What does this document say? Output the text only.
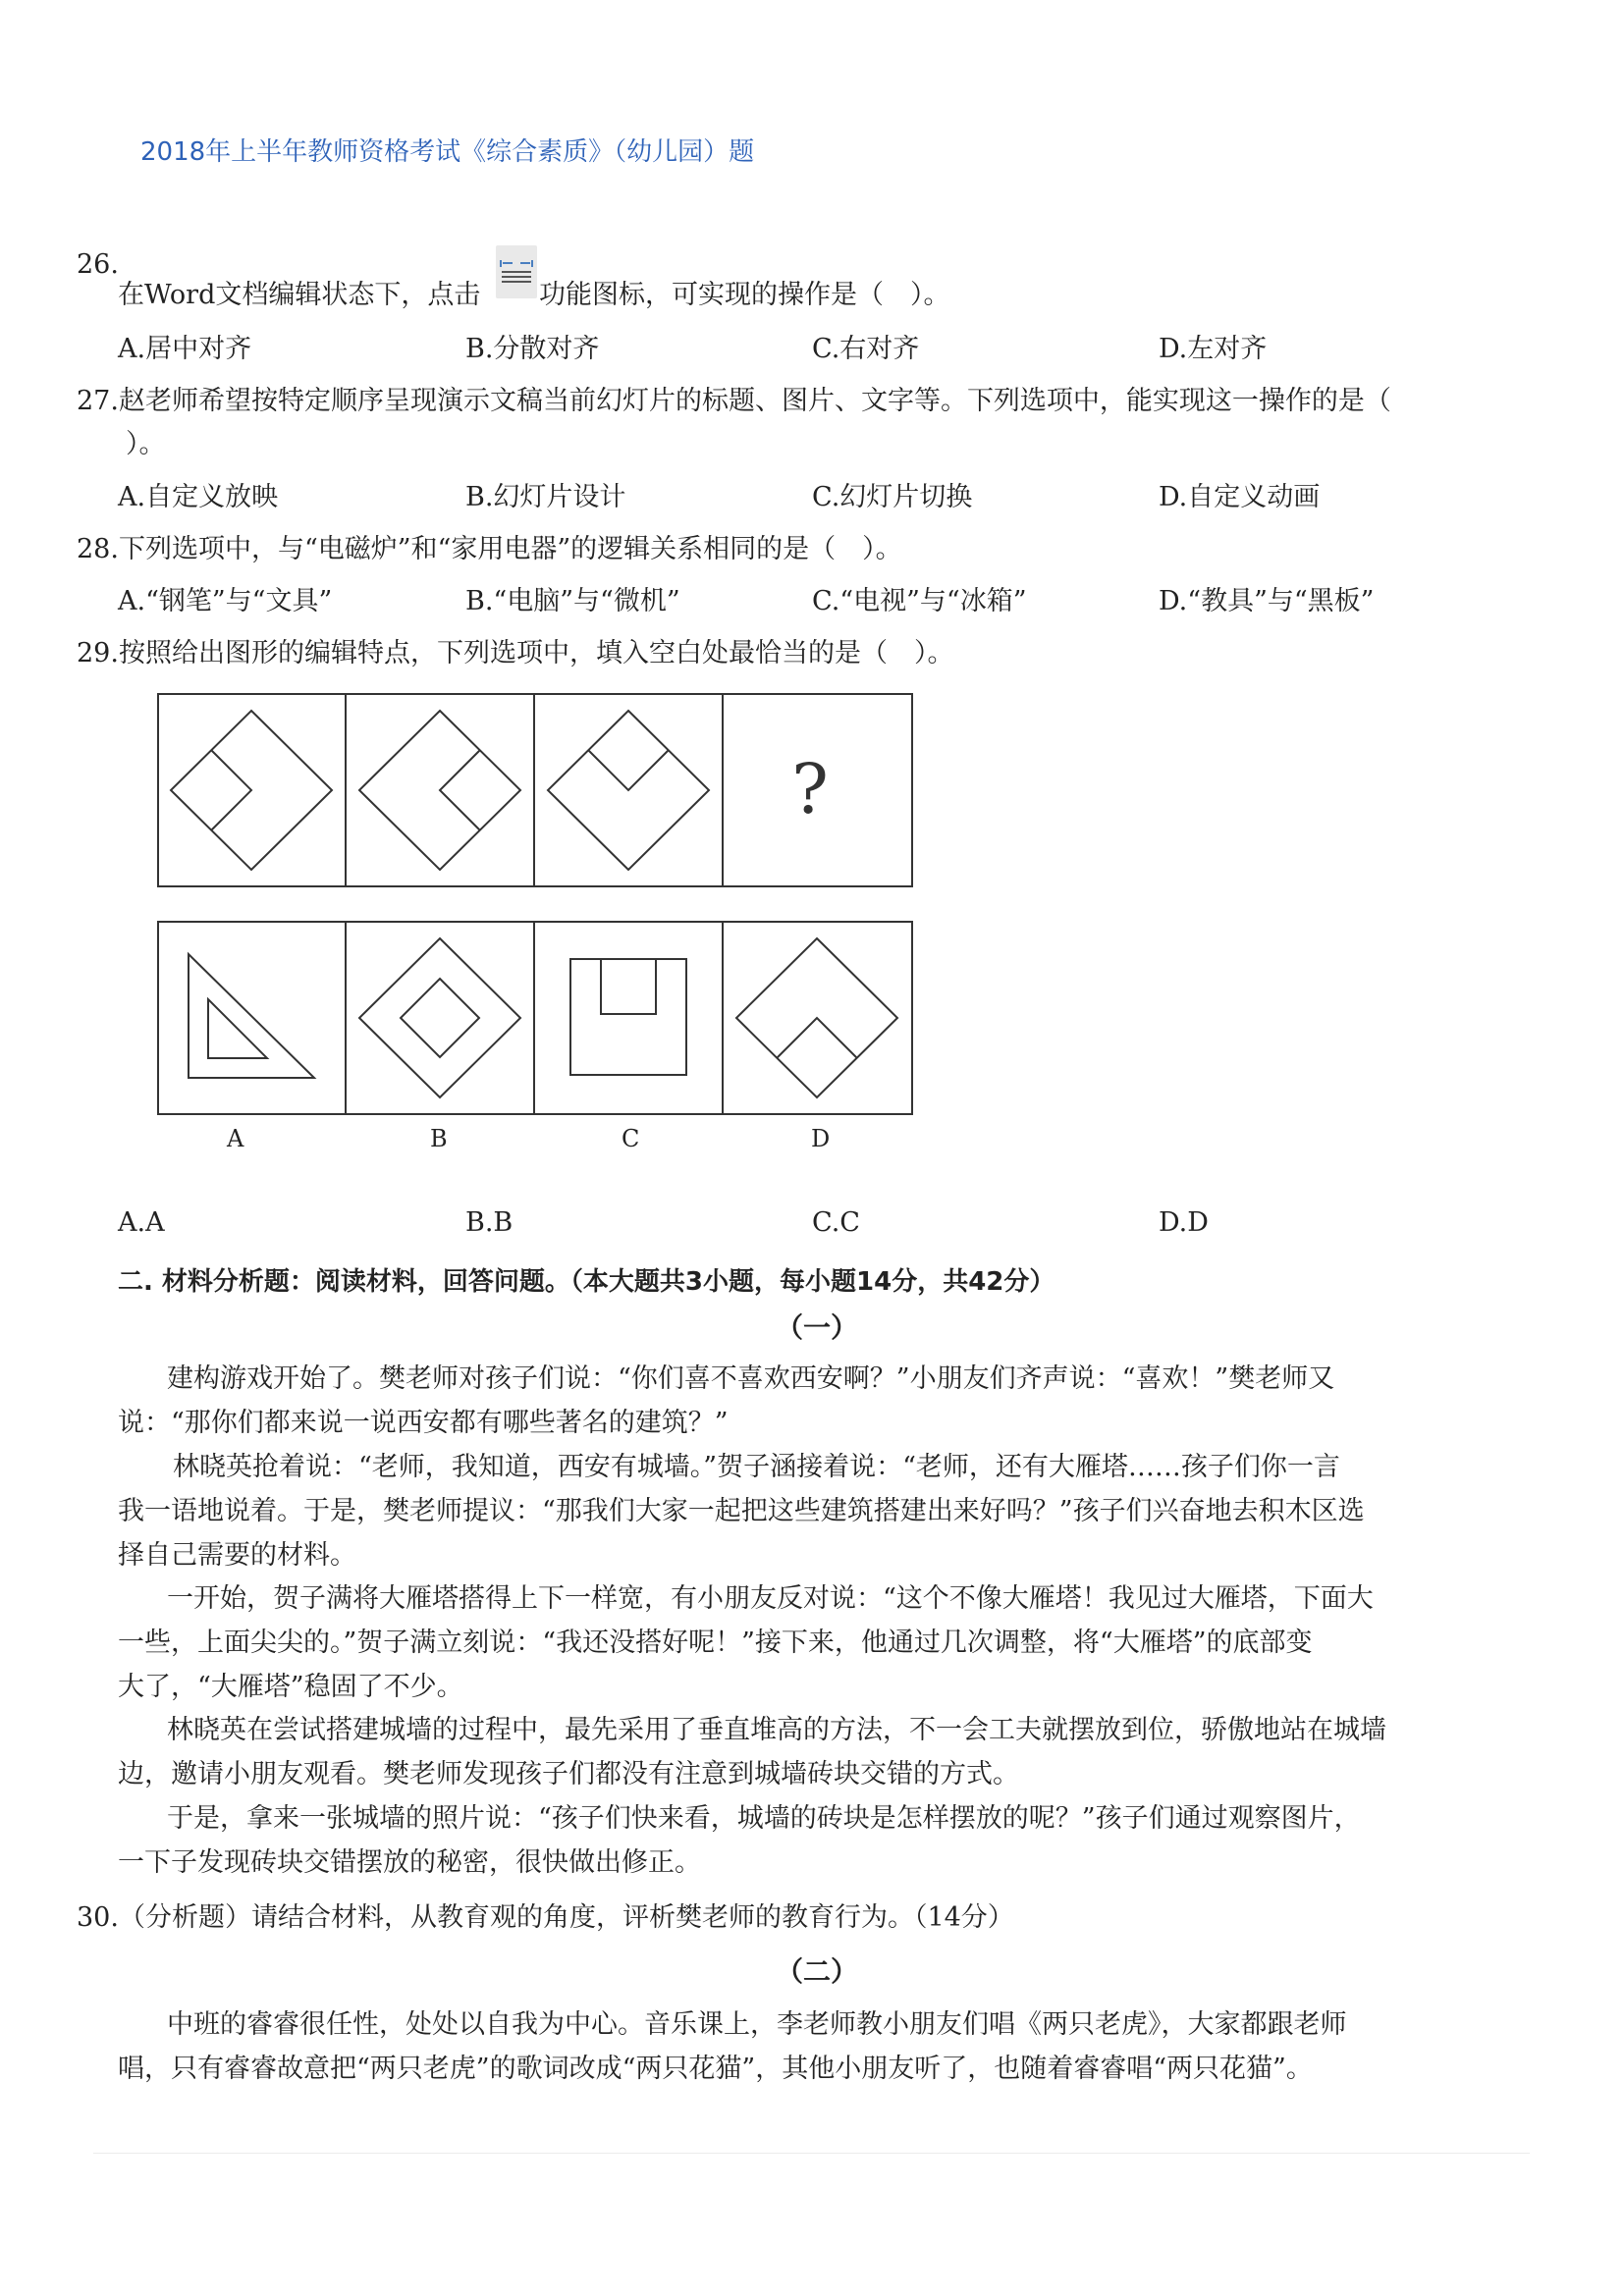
2018年上半年教师资格考试《综合素质》（幼儿园）题
26.
在Word文档编辑状态下，点击 功能图标，可实现的操作是（　）。
A.居中对齐	B.分散对齐	C.右对齐	D.左对齐
27.赵老师希望按特定顺序呈现演示文稿当前幻灯片的标题、图片、文字等。下列选项中，能实现这一操作的是（
）。
A.自定义放映	B.幻灯片设计	C.幻灯片切换	D.自定义动画
28.下列选项中，与“电磁炉”和“家用电器”的逻辑关系相同的是（　）。
A.“钢笔”与“文具”	B.“电脑”与“微机”	C.“电视”与“冰箱”	D.“教具”与“黑板”
29.按照给出图形的编辑特点，下列选项中，填入空白处最恰当的是（　）。
?
A	B	C	D
A.A	B.B	C.C	D.D
二. 材料分析题：阅读材料，回答问题。（本大题共3小题，每小题14分，共42分）
（一）
建构游戏开始了。樊老师对孩子们说：“你们喜不喜欢西安啊？”小朋友们齐声说：“喜欢！”樊老师又
说：“那你们都来说一说西安都有哪些著名的建筑？”
林晓英抢着说：“老师，我知道，西安有城墙。”贺子涵接着说：“老师，还有大雁塔……孩子们你一言
我一语地说着。于是，樊老师提议：“那我们大家一起把这些建筑搭建出来好吗？”孩子们兴奋地去积木区选
择自己需要的材料。
一开始，贺子满将大雁塔搭得上下一样宽，有小朋友反对说：“这个不像大雁塔！我见过大雁塔，下面大
一些，上面尖尖的。”贺子满立刻说：“我还没搭好呢！”接下来，他通过几次调整，将“大雁塔”的底部变
大了，“大雁塔”稳固了不少。
林晓英在尝试搭建城墙的过程中，最先采用了垂直堆高的方法，不一会工夫就摆放到位，骄傲地站在城墙
边，邀请小朋友观看。樊老师发现孩子们都没有注意到城墙砖块交错的方式。
于是，拿来一张城墙的照片说：“孩子们快来看，城墙的砖块是怎样摆放的呢？”孩子们通过观察图片，
一下子发现砖块交错摆放的秘密，很快做出修正。
30.（分析题）请结合材料，从教育观的角度，评析樊老师的教育行为。（14分）
（二）
中班的睿睿很任性，处处以自我为中心。音乐课上，李老师教小朋友们唱《两只老虎》，大家都跟老师
唱，只有睿睿故意把“两只老虎”的歌词改成“两只花猫”，其他小朋友听了，也随着睿睿唱“两只花猫”。
